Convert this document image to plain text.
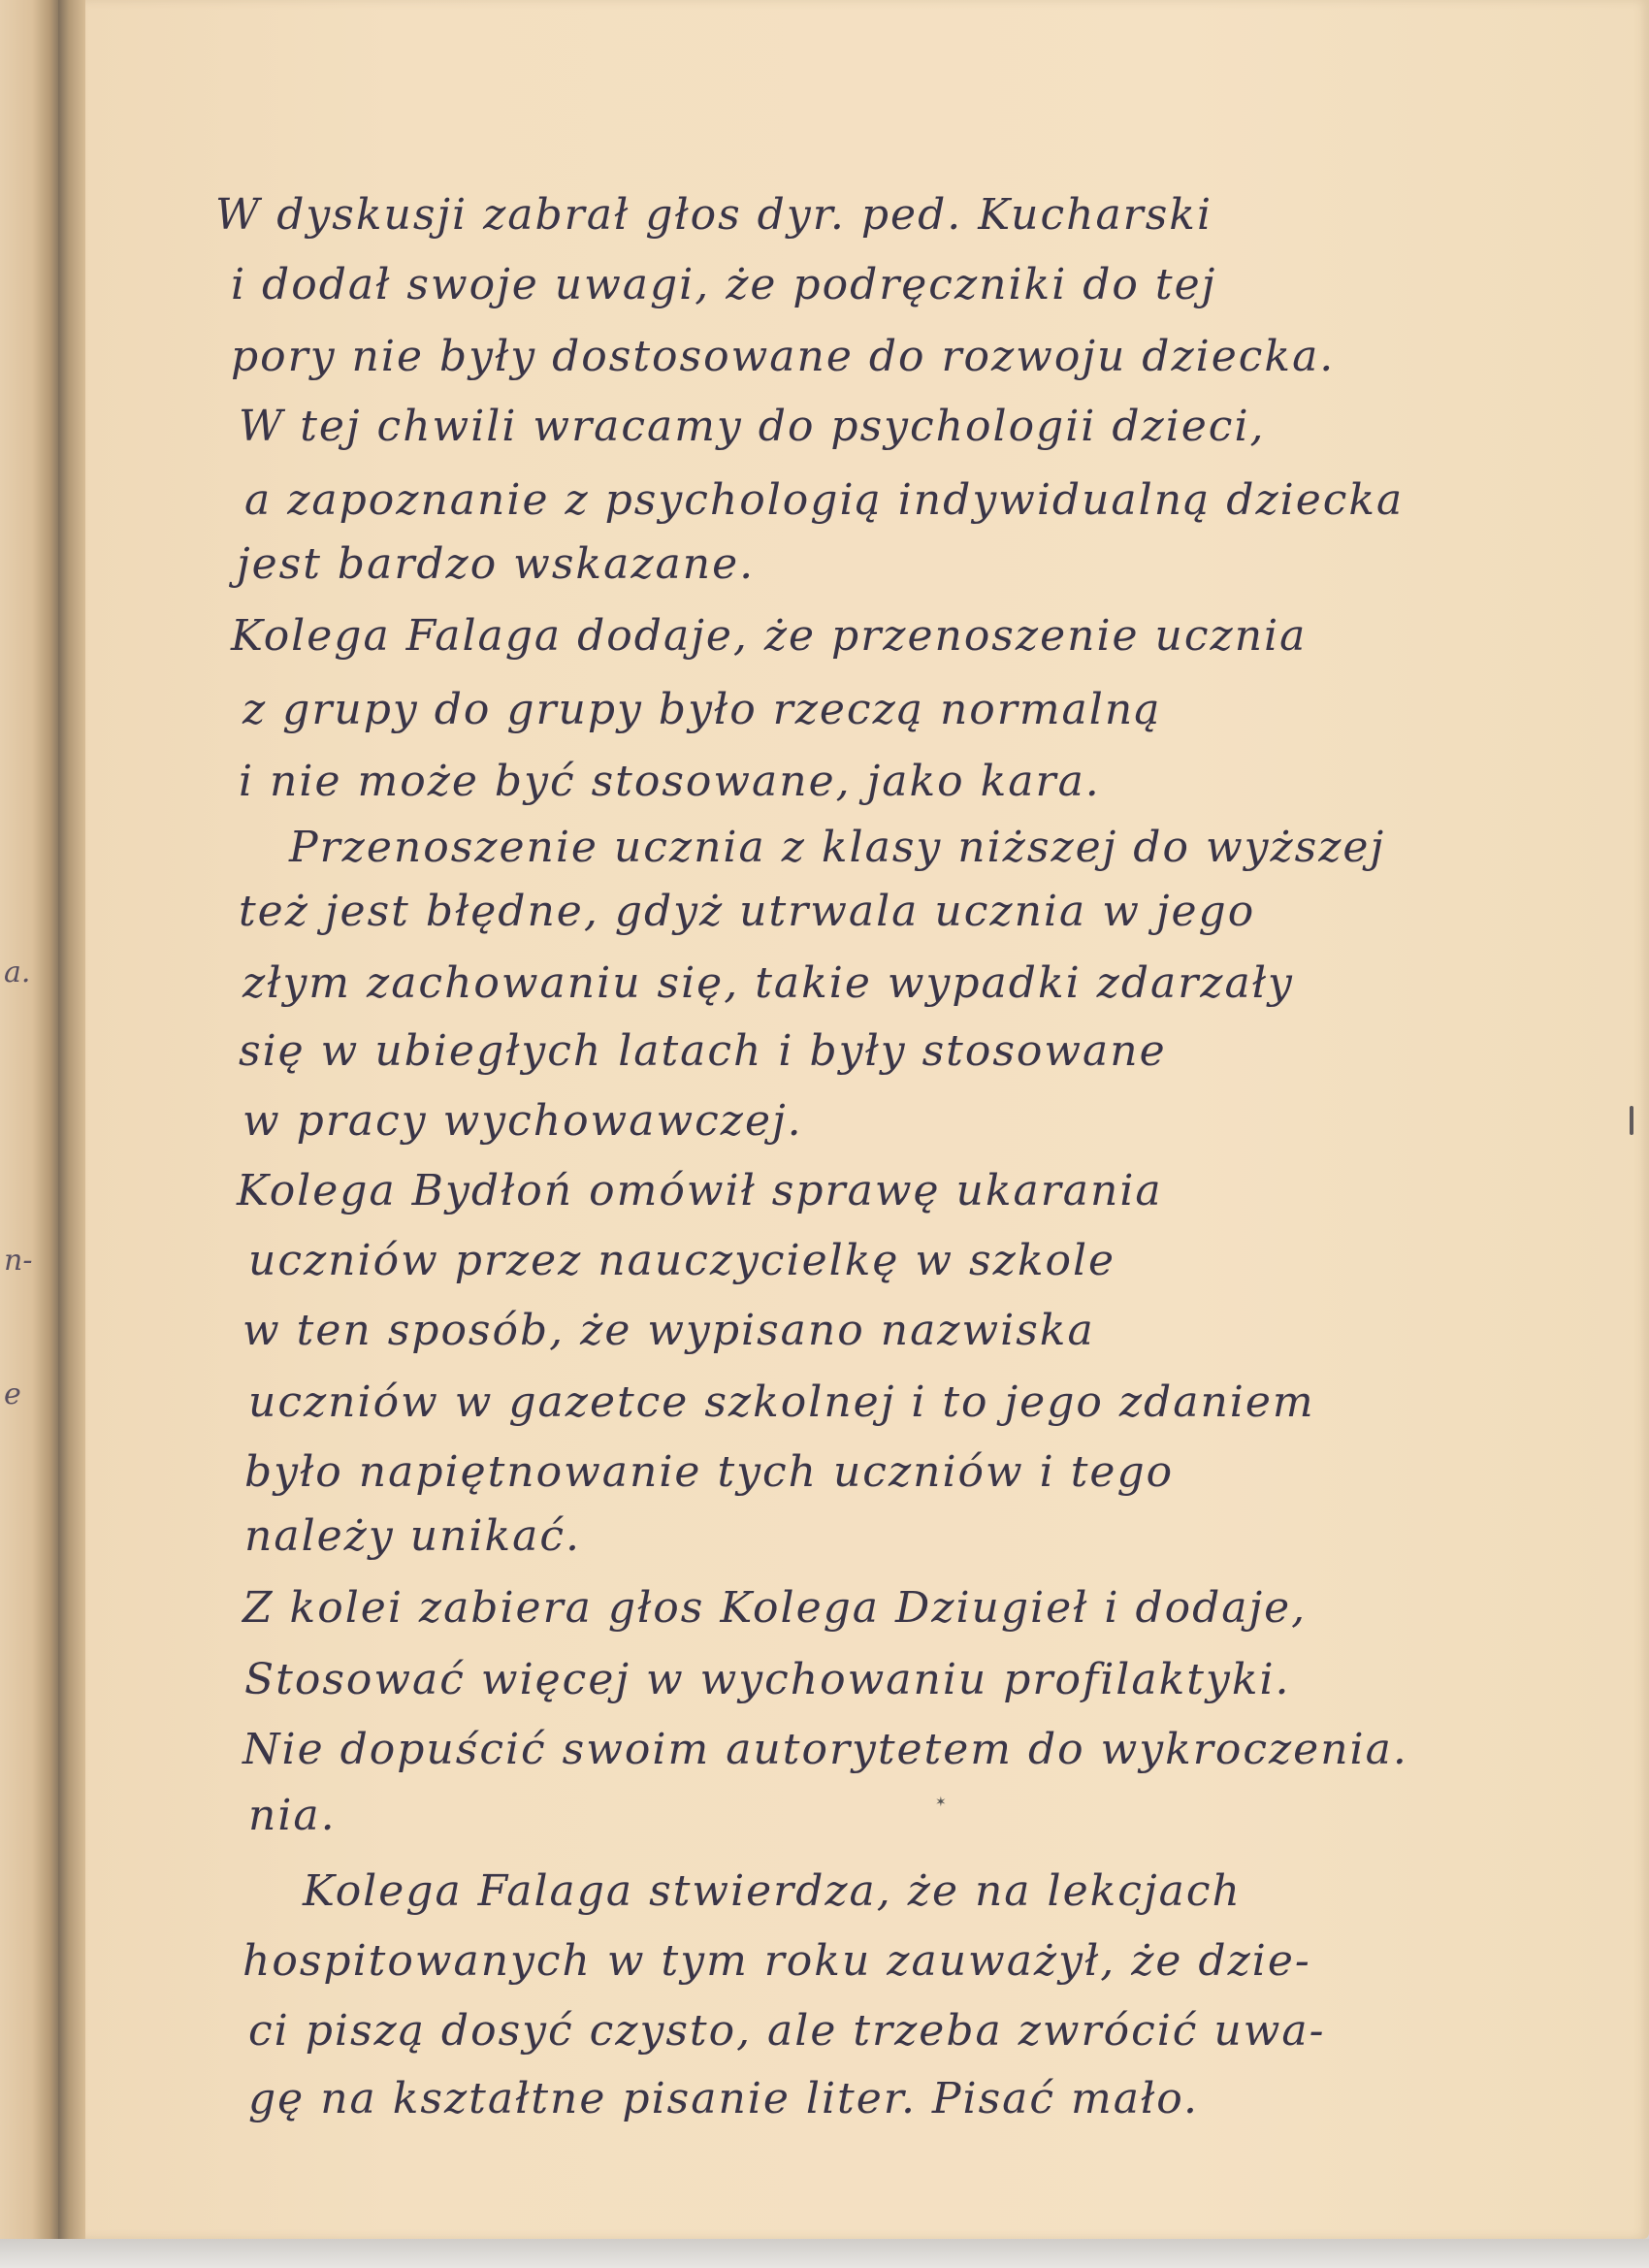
a.
n-
e
✶
W dyskusji zabrał głos dyr. ped. Kucharski
i dodał swoje uwagi, że podręczniki do tej
pory nie były dostosowane do rozwoju dziecka.
W tej chwili wracamy do psychologii dzieci,
a zapoznanie z psychologią indywidualną dziecka
jest bardzo wskazane.
Kolega Falaga dodaje, że przenoszenie ucznia
z grupy do grupy było rzeczą normalną
i nie może być stosowane, jako kara.
Przenoszenie ucznia z klasy niższej do wyższej
też jest błędne, gdyż utrwala ucznia w jego
złym zachowaniu się, takie wypadki zdarzały
się w ubiegłych latach i były stosowane
w pracy wychowawczej.
Kolega Bydłoń omówił sprawę ukarania
uczniów przez nauczycielkę w szkole
w ten sposób, że wypisano nazwiska
uczniów w gazetce szkolnej i to jego zdaniem
było napiętnowanie tych uczniów i tego
należy unikać.
Z kolei zabiera głos Kolega Dziugieł i dodaje,
Stosować więcej w wychowaniu profilaktyki.
Nie dopuścić swoim autorytetem do wykroczenia.
nia.
Kolega Falaga stwierdza, że na lekcjach
hospitowanych w tym roku zauważył, że dzie-
ci piszą dosyć czysto, ale trzeba zwrócić uwa-
gę na kształtne pisanie liter. Pisać mało.
